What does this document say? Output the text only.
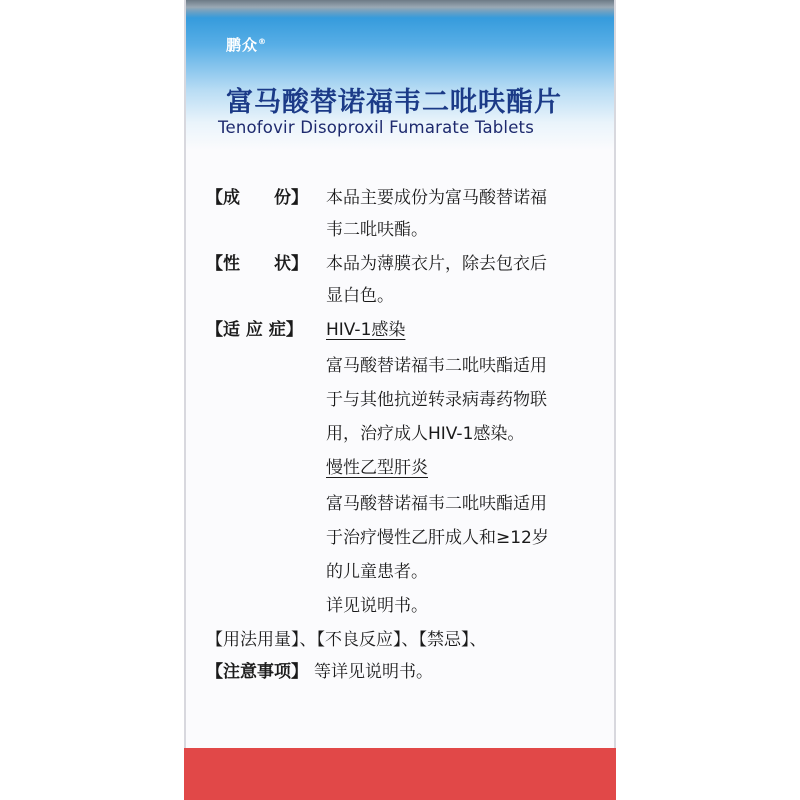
鹏众®
富马酸替诺福韦二吡呋酯片
Tenofovir Disoproxil Fumarate Tablets
【成　　份】 本品主要成份为富马酸替诺福
韦二吡呋酯。
【性　　状】 本品为薄膜衣片，除去包衣后
显白色。
【适 应 症】 HIV-1感染
富马酸替诺福韦二吡呋酯适用
于与其他抗逆转录病毒药物联
用，治疗成人HIV-1感染。
慢性乙型肝炎
富马酸替诺福韦二吡呋酯适用
于治疗慢性乙肝成人和≥12岁
的儿童患者。
详见说明书。
【用法用量】、【不良反应】、【禁忌】、
【注意事项】 等详见说明书。
